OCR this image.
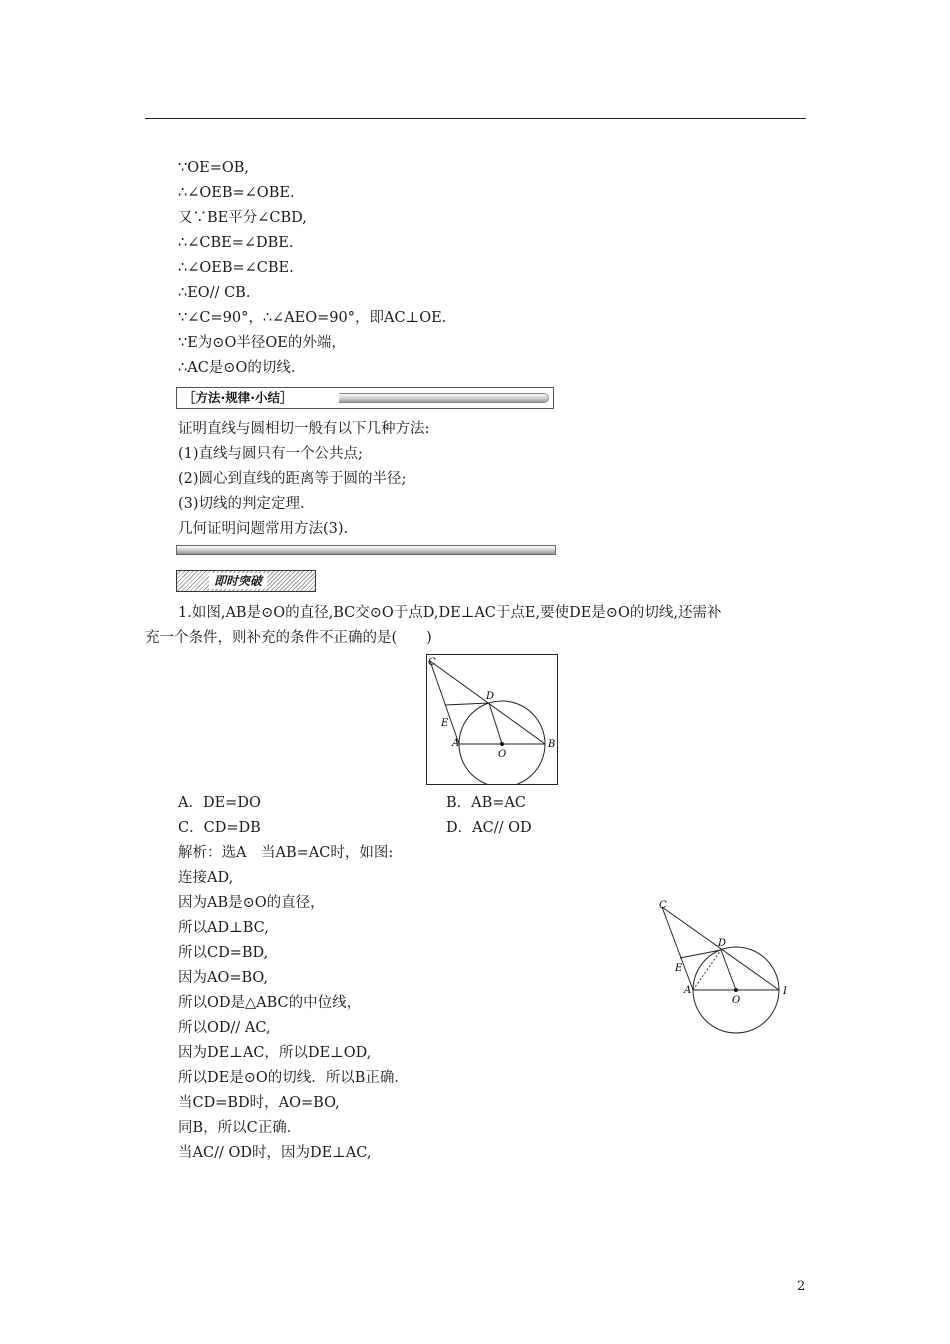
∵OE=OB,
∴∠OEB=∠OBE.
又∵BE平分∠CBD,
∴∠CBE=∠DBE.
∴∠OEB=∠CBE.
∴EO// CB.
∵∠C=90°，∴∠AEO=90°，即AC⊥OE.
∵E为⊙O半径OE的外端，
∴AC是⊙O的切线.
［方法·规律·小结］
证明直线与圆相切一般有以下几种方法:
(1)直线与圆只有一个公共点;
(2)圆心到直线的距离等于圆的半径;
(3)切线的判定定理.
几何证明问题常用方法(3).
即时突破
1.如图,AB是⊙O的直径,BC交⊙O于点D,DE⊥AC于点E,要使DE是⊙O的切线,还需补
充一个条件，则补充的条件不正确的是(　　)
C
D
E
A
O
B
A．DE=DO	B．AB=AC
C．CD=DB	D．AC// OD
解析：选A　当AB=AC时，如图:
连接AD,
因为AB是⊙O的直径，
所以AD⊥BC,
所以CD=BD,
因为AO=BO,
所以OD是△ABC的中位线，
所以OD// AC,
因为DE⊥AC，所以DE⊥OD,
所以DE是⊙O的切线．所以B正确．
当CD=BD时，AO=BO,
同B，所以C正确．
当AC// OD时，因为DE⊥AC,
C
D
E
A
O
I
2
